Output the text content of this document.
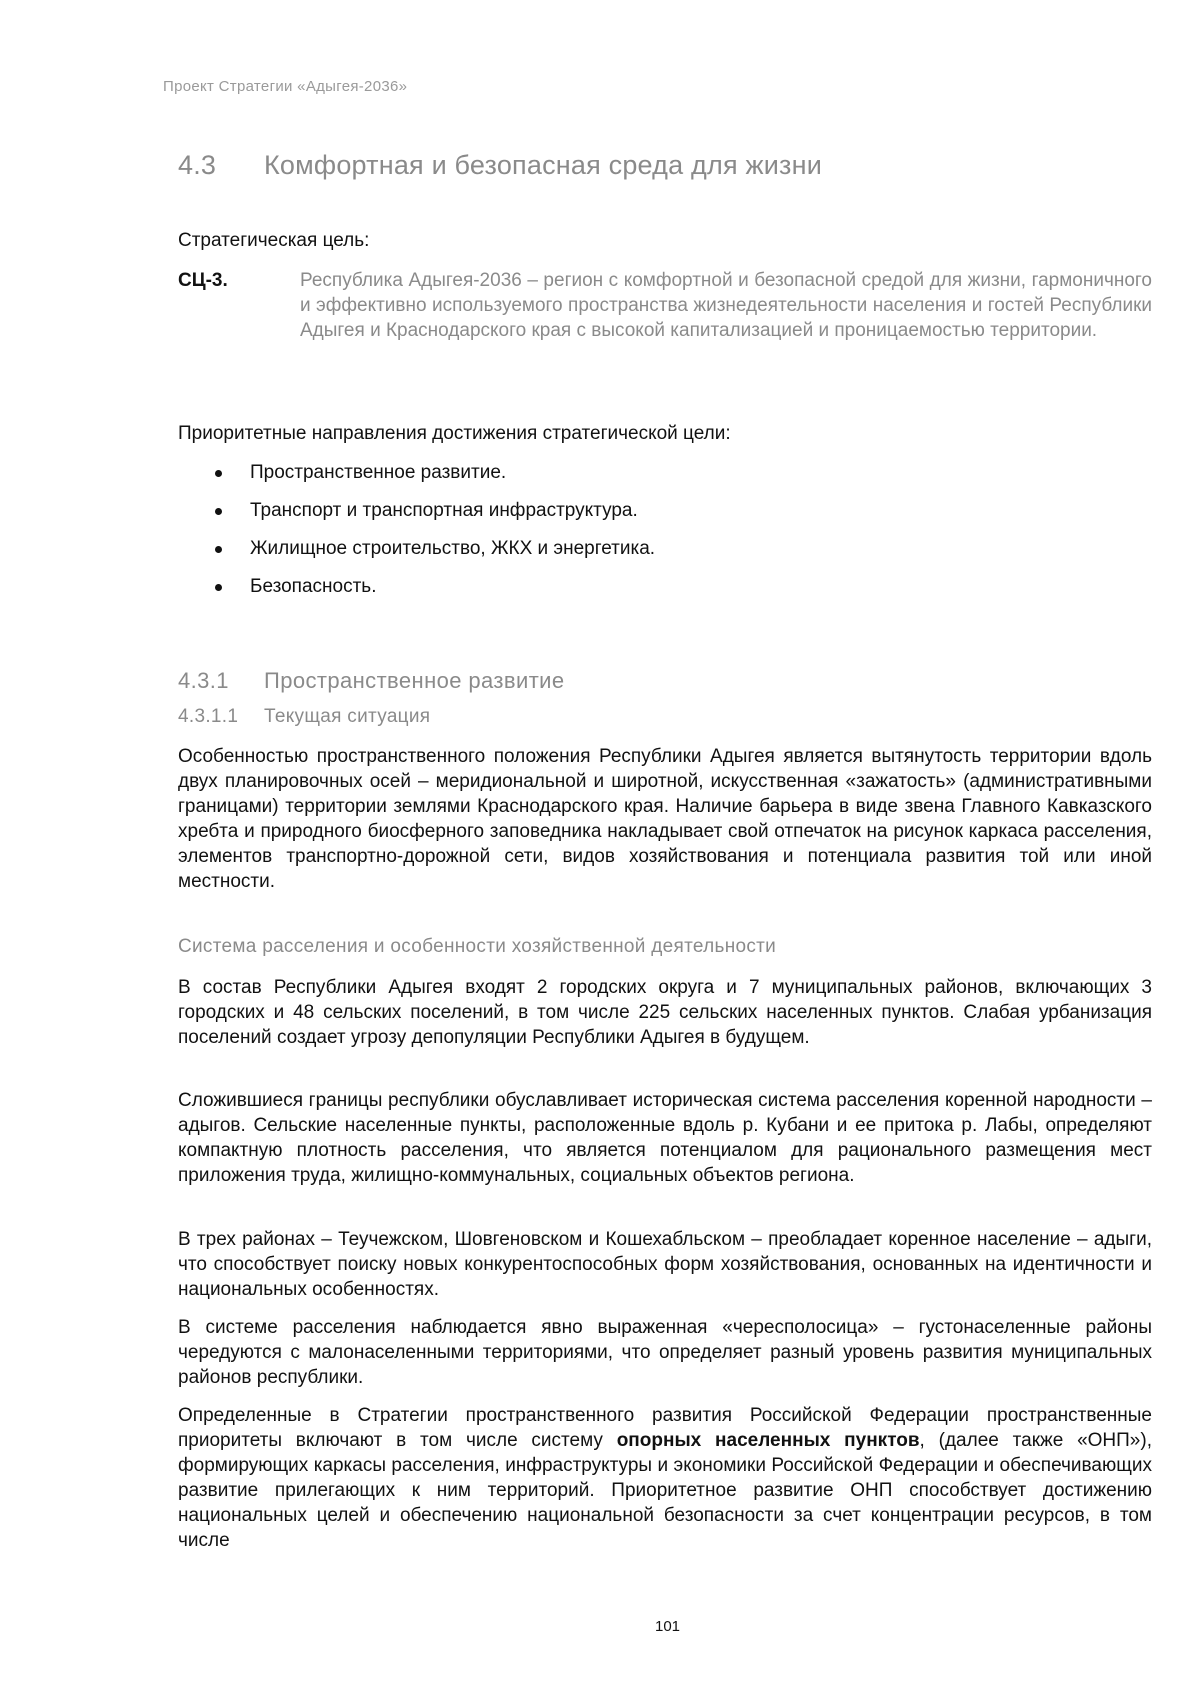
Проект Стратегии «Адыгея-2036»
4.3	Комфортная и безопасная среда для жизни
Стратегическая цель:
СЦ-3.	Республика Адыгея-2036 – регион с комфортной и безопасной средой для жизни, гармоничного и эффективно используемого пространства жизнедеятельности населения и гостей Республики Адыгея и Краснодарского края с высокой капитализацией и проницаемостью территории.
Приоритетные направления достижения стратегической цели:
Пространственное развитие.
Транспорт и транспортная инфраструктура.
Жилищное строительство, ЖКХ и энергетика.
Безопасность.
4.3.1	Пространственное развитие
4.3.1.1	Текущая ситуация

Особенностью пространственного положения Республики Адыгея является вытянутость территории вдоль двух планировочных осей – меридиональной и широтной, искусственная «зажатость» (административными границами) территории землями Краснодарского края. Наличие барьера в виде звена Главного Кавказского хребта и природного биосферного заповедника накладывает свой отпечаток на рисунок каркаса расселения, элементов транспортно-дорожной сети, видов хозяйствования и потенциала развития той или иной местности.

Система расселения и особенности хозяйственной деятельности

В состав Республики Адыгея входят 2 городских округа и 7 муниципальных районов, включающих 3 городских и 48 сельских поселений, в том числе 225 сельских населенных пунктов. Слабая урбанизация поселений создает угрозу депопуляции Республики Адыгея в будущем.

Сложившиеся границы республики обуславливает историческая система расселения коренной народности – адыгов. Сельские населенные пункты, расположенные вдоль р. Кубани и ее притока р. Лабы, определяют компактную плотность расселения, что является потенциалом для рационального размещения мест приложения труда, жилищно-коммунальных, социальных объектов региона.

В трех районах – Теучежском, Шовгеновском и Кошехабльском – преобладает коренное население – адыги, что способствует поиску новых конкурентоспособных форм хозяйствования, основанных на идентичности и национальных особенностях.

В системе расселения наблюдается явно выраженная «чересполосица» – густонаселенные районы чередуются с малонаселенными территориями, что определяет разный уровень развития муниципальных районов республики.

Определенные в Стратегии пространственного развития Российской Федерации пространственные приоритеты включают в том числе систему опорных населенных пунктов, (далее также «ОНП»), формирующих каркасы расселения, инфраструктуры и экономики Российской Федерации и обеспечивающих развитие прилегающих к ним территорий. Приоритетное развитие ОНП способствует достижению национальных целей и обеспечению национальной безопасности за счет концентрации ресурсов, в том числе

101
